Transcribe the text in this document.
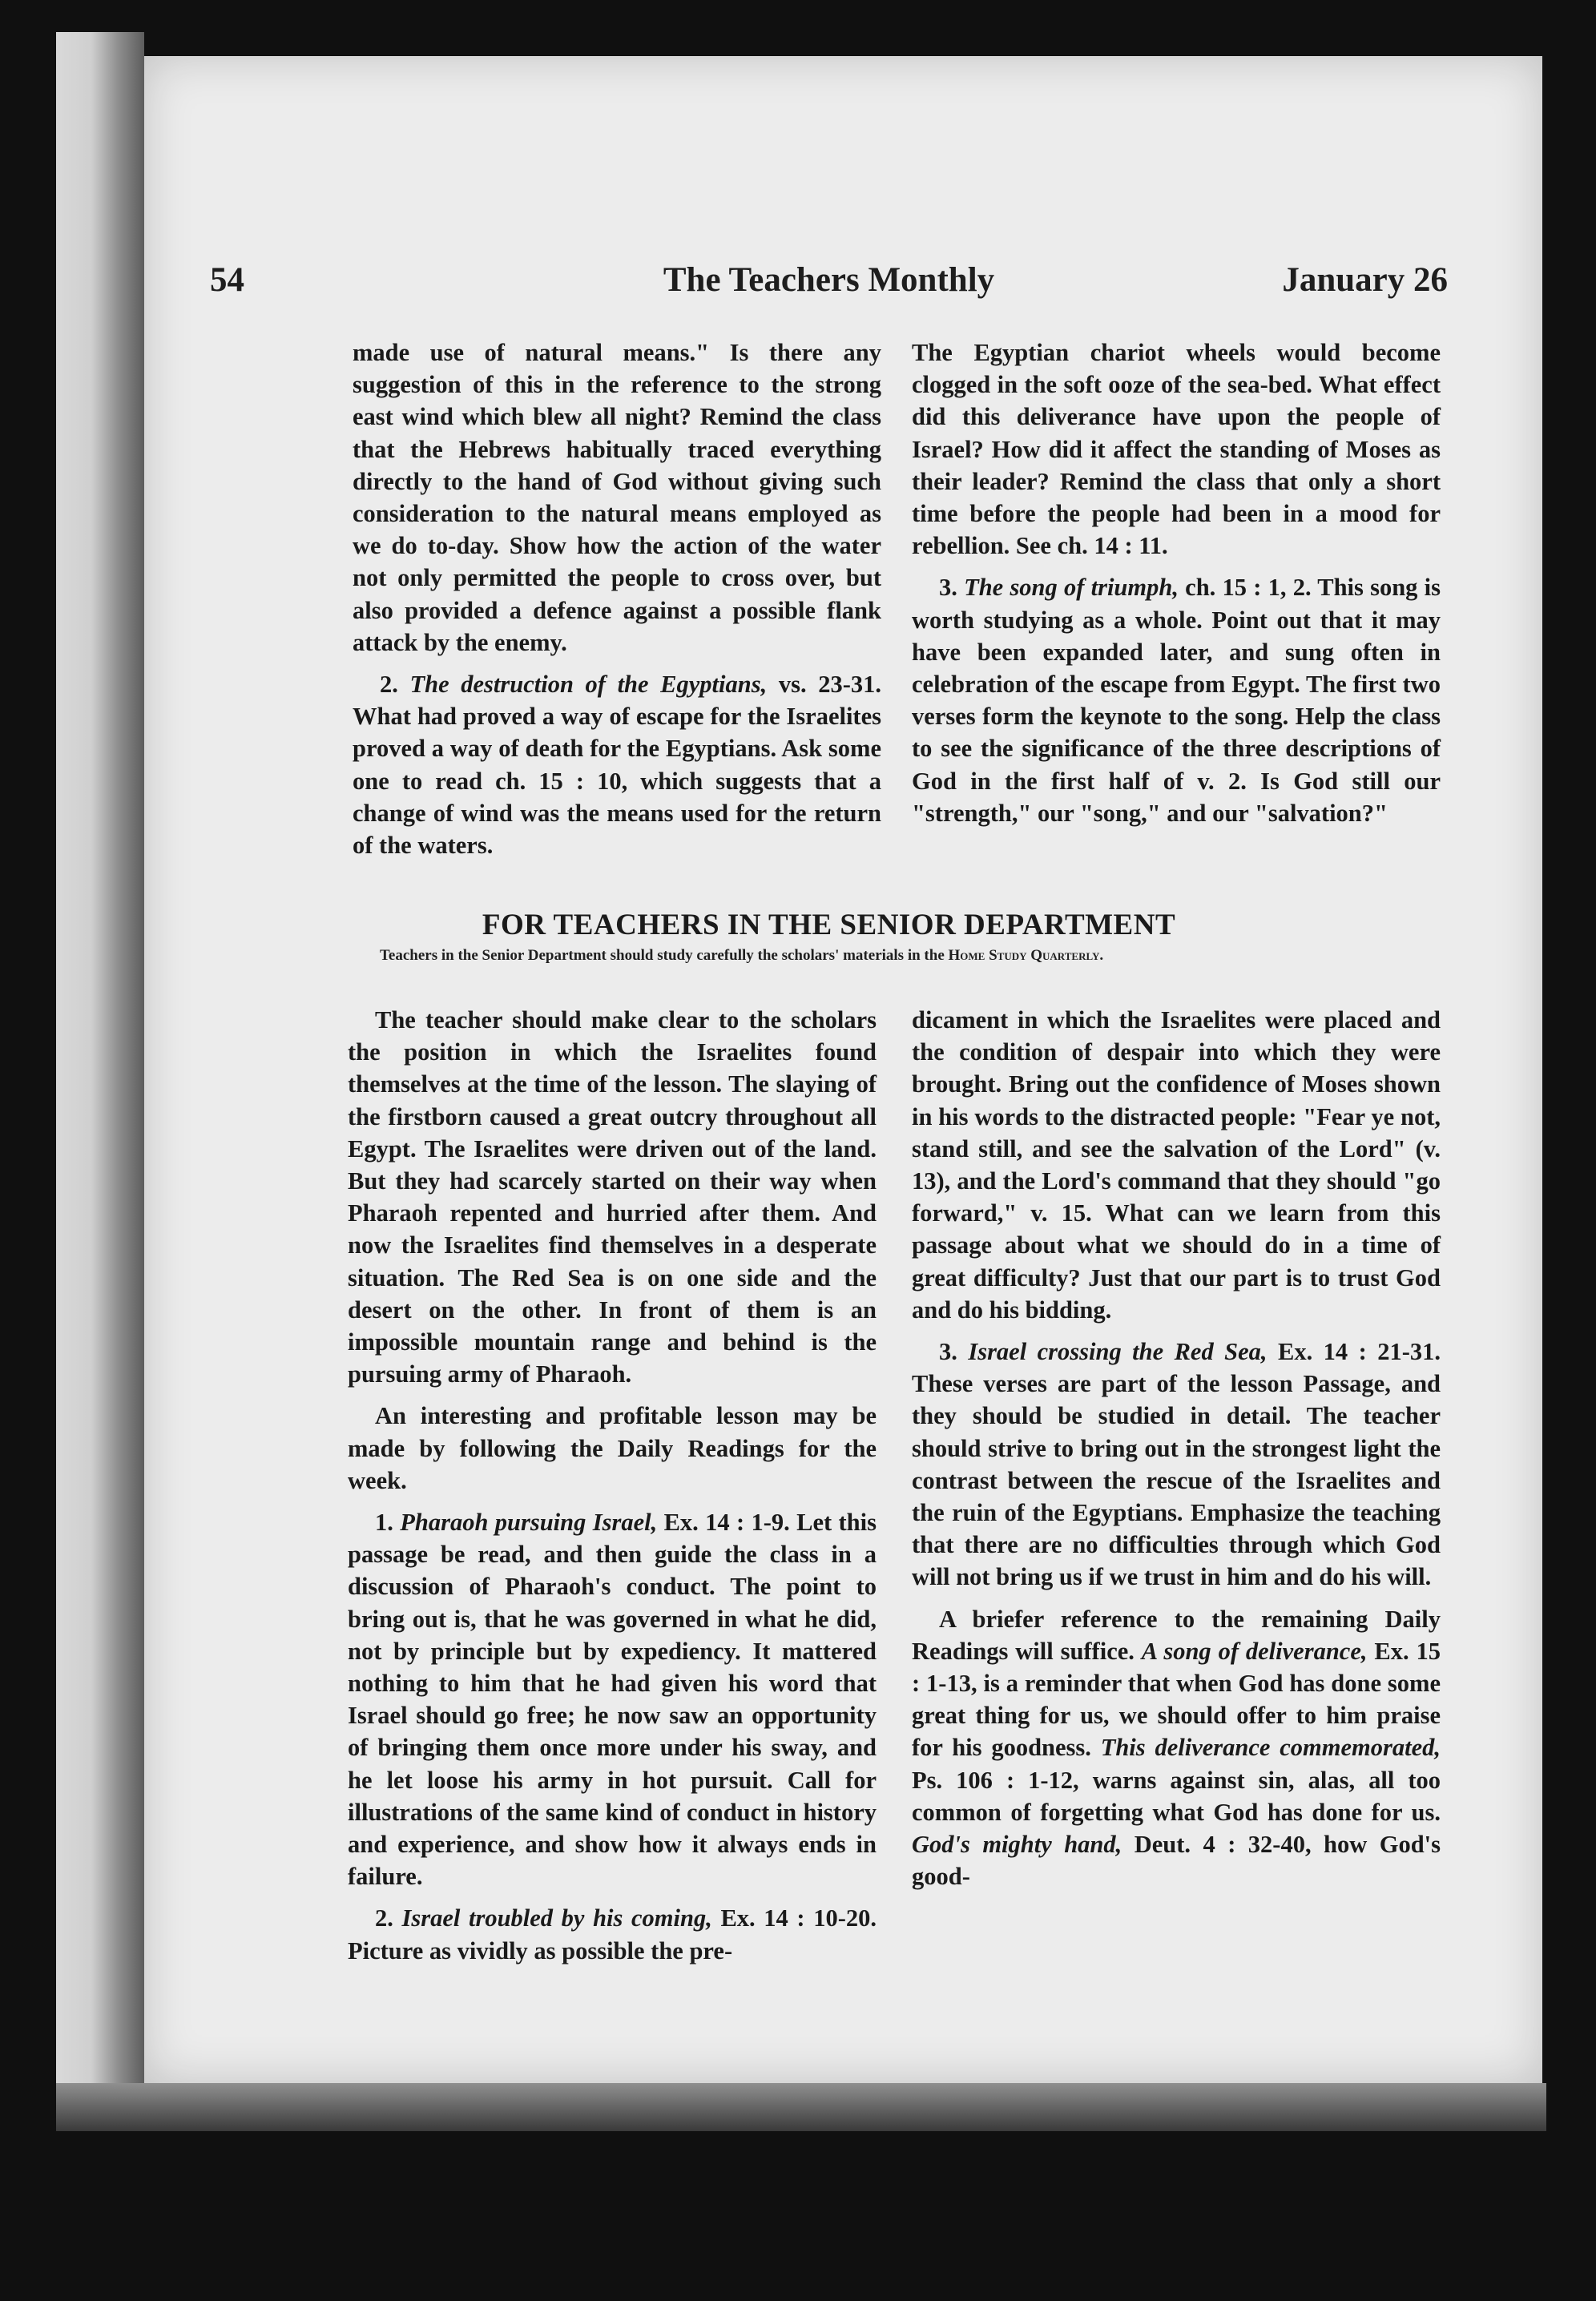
54	The Teachers Monthly	January 26

made use of natural means." Is there any suggestion of this in the reference to the strong east wind which blew all night? Remind the class that the Hebrews habitually traced everything directly to the hand of God without giving such consideration to the natural means employed as we do to-day. Show how the action of the water not only permitted the people to cross over, but also provided a defence against a possible flank attack by the enemy.

2. The destruction of the Egyptians, vs. 23-31. What had proved a way of escape for the Israelites proved a way of death for the Egyptians. Ask some one to read ch. 15 : 10, which suggests that a change of wind was the means used for the return of the waters.

The Egyptian chariot wheels would become clogged in the soft ooze of the sea-bed. What effect did this deliverance have upon the people of Israel? How did it affect the standing of Moses as their leader? Remind the class that only a short time before the people had been in a mood for rebellion. See ch. 14 : 11.

3. The song of triumph, ch. 15 : 1, 2. This song is worth studying as a whole. Point out that it may have been expanded later, and sung often in celebration of the escape from Egypt. The first two verses form the keynote to the song. Help the class to see the significance of the three descriptions of God in the first half of v. 2. Is God still our "strength," our "song," and our "salvation?"

FOR TEACHERS IN THE SENIOR DEPARTMENT
Teachers in the Senior Department should study carefully the scholars' materials in the Home Study Quarterly.

The teacher should make clear to the scholars the position in which the Israelites found themselves at the time of the lesson. The slaying of the firstborn caused a great outcry throughout all Egypt. The Israelites were driven out of the land. But they had scarcely started on their way when Pharaoh repented and hurried after them. And now the Israelites find themselves in a desperate situation. The Red Sea is on one side and the desert on the other. In front of them is an impossible mountain range and behind is the pursuing army of Pharaoh.

An interesting and profitable lesson may be made by following the Daily Readings for the week.

1. Pharaoh pursuing Israel, Ex. 14 : 1-9. Let this passage be read, and then guide the class in a discussion of Pharaoh's conduct. The point to bring out is, that he was governed in what he did, not by principle but by expediency. It mattered nothing to him that he had given his word that Israel should go free; he now saw an opportunity of bringing them once more under his sway, and he let loose his army in hot pursuit. Call for illustrations of the same kind of conduct in history and experience, and show how it always ends in failure.

2. Israel troubled by his coming, Ex. 14 : 10-20. Picture as vividly as possible the pre-

dicament in which the Israelites were placed and the condition of despair into which they were brought. Bring out the confidence of Moses shown in his words to the distracted people: "Fear ye not, stand still, and see the salvation of the Lord" (v. 13), and the Lord's command that they should "go forward," v. 15. What can we learn from this passage about what we should do in a time of great difficulty? Just that our part is to trust God and do his bidding.

3. Israel crossing the Red Sea, Ex. 14 : 21-31. These verses are part of the lesson Passage, and they should be studied in detail. The teacher should strive to bring out in the strongest light the contrast between the rescue of the Israelites and the ruin of the Egyptians. Emphasize the teaching that there are no difficulties through which God will not bring us if we trust in him and do his will.

A briefer reference to the remaining Daily Readings will suffice. A song of deliverance, Ex. 15 : 1-13, is a reminder that when God has done some great thing for us, we should offer to him praise for his goodness. This deliverance commemorated, Ps. 106 : 1-12, warns against sin, alas, all too common of forgetting what God has done for us. God's mighty hand, Deut. 4 : 32-40, how God's good-
